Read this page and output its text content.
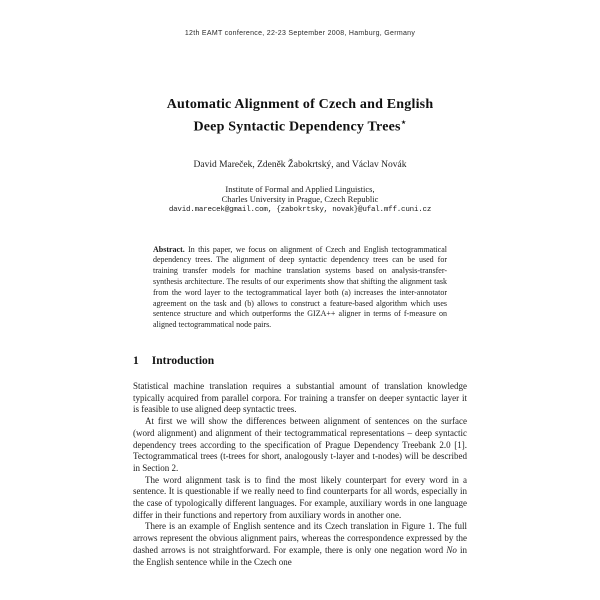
12th EAMT conference, 22-23 September 2008, Hamburg, Germany
Automatic Alignment of Czech and English
Deep Syntactic Dependency Trees⋆
David Mareček, Zdeněk Žabokrtský, and Václav Novák
Institute of Formal and Applied Linguistics,
Charles University in Prague, Czech Republic
david.marecek@gmail.com, {zabokrtsky, novak}@ufal.mff.cuni.cz
Abstract. In this paper, we focus on alignment of Czech and English tectogrammatical dependency trees. The alignment of deep syntactic dependency trees can be used for training transfer models for machine translation systems based on analysis-transfer-synthesis architecture. The results of our experiments show that shifting the alignment task from the word layer to the tectogrammatical layer both (a) increases the inter-annotator agreement on the task and (b) allows to construct a feature-based algorithm which uses sentence structure and which outperforms the GIZA++ aligner in terms of f-measure on aligned tectogrammatical node pairs.
1 Introduction

Statistical machine translation requires a substantial amount of translation knowledge typically acquired from parallel corpora. For training a transfer on deeper syntactic layer it is feasible to use aligned deep syntactic trees.

At first we will show the differences between alignment of sentences on the surface (word alignment) and alignment of their tectogrammatical representations – deep syntactic dependency trees according to the specification of Prague Dependency Treebank 2.0 [1]. Tectogrammatical trees (t-trees for short, analogously t-layer and t-nodes) will be described in Section 2.

The word alignment task is to find the most likely counterpart for every word in a sentence. It is questionable if we really need to find counterparts for all words, especially in the case of typologically different languages. For example, auxiliary words in one language differ in their functions and repertory from auxiliary words in another one.

There is an example of English sentence and its Czech translation in Figure 1. The full arrows represent the obvious alignment pairs, whereas the correspondence expressed by the dashed arrows is not straightforward. For example, there is only one negation word No in the English sentence while in the Czech one
